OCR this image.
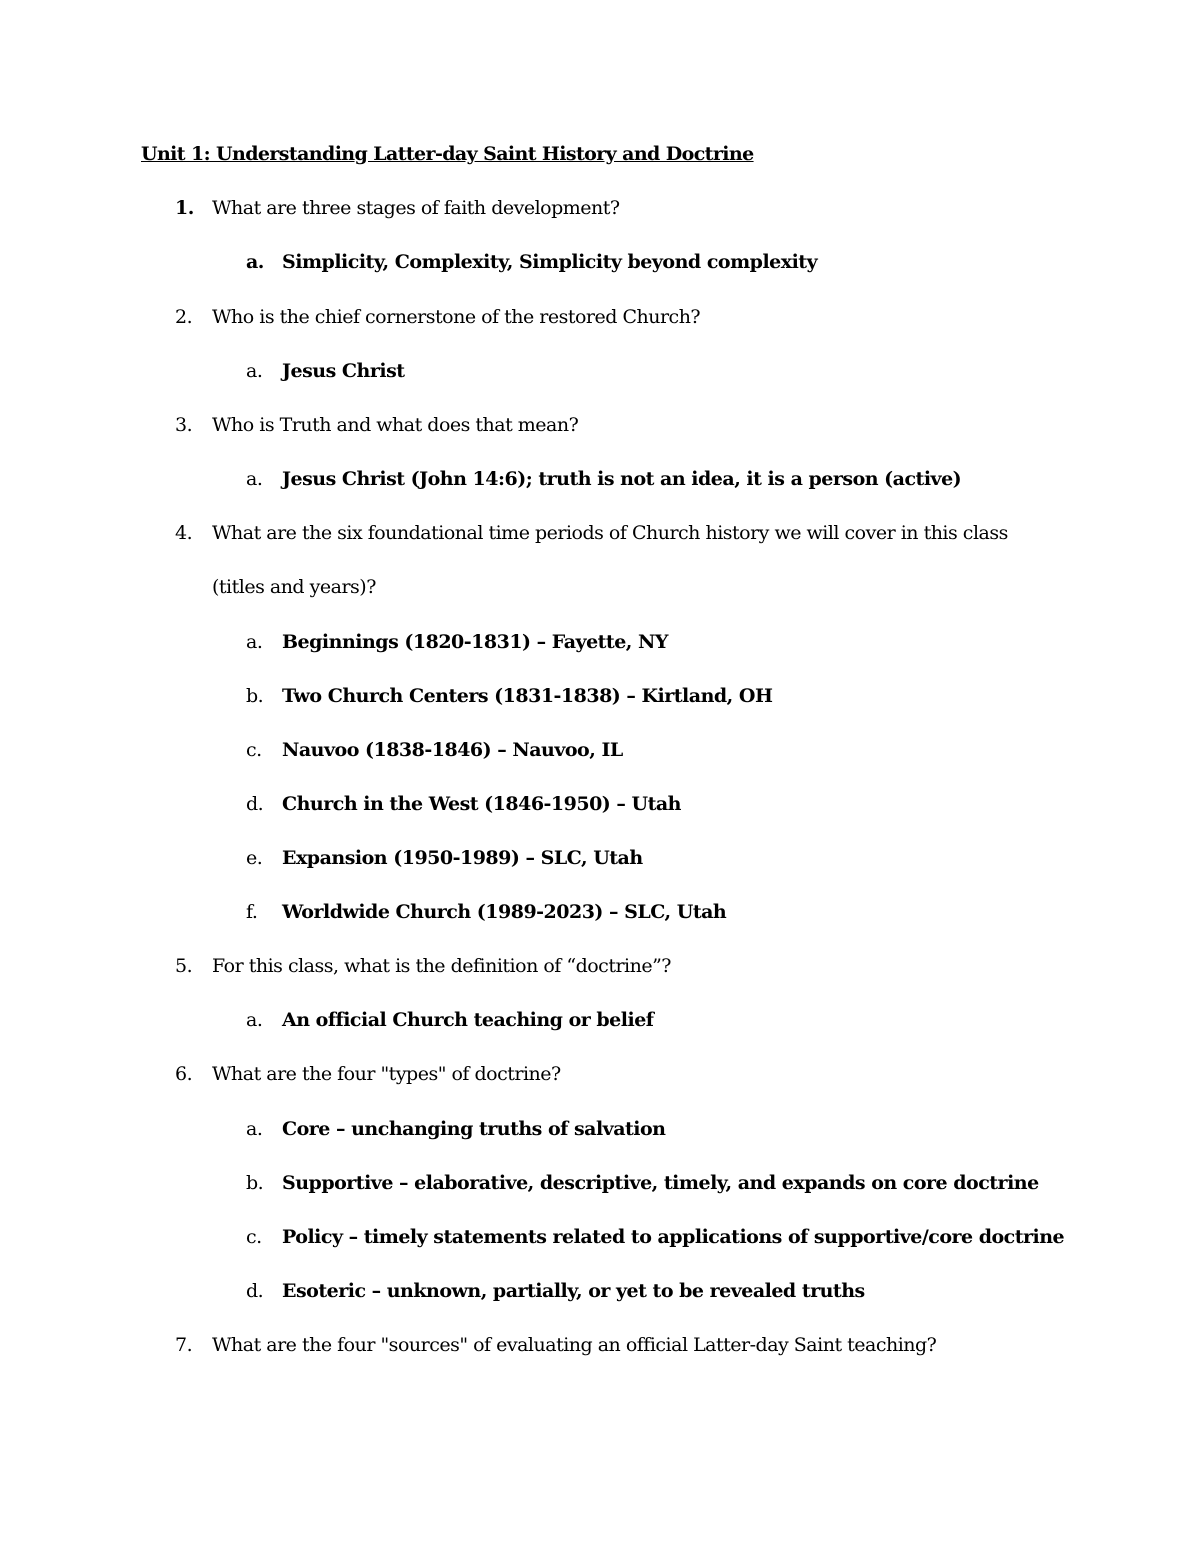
Unit 1: Understanding Latter-day Saint History and Doctrine
1. What are three stages of faith development?
a. Simplicity, Complexity, Simplicity beyond complexity
2. Who is the chief cornerstone of the restored Church?
a. Jesus Christ
3. Who is Truth and what does that mean?
a. Jesus Christ (John 14:6); truth is not an idea, it is a person (active)
4. What are the six foundational time periods of Church history we will cover in this class
(titles and years)?
a. Beginnings (1820-1831) – Fayette, NY
b. Two Church Centers (1831-1838) – Kirtland, OH
c. Nauvoo (1838-1846) – Nauvoo, IL
d. Church in the West (1846-1950) – Utah
e. Expansion (1950-1989) – SLC, Utah
f. Worldwide Church (1989-2023) – SLC, Utah
5. For this class, what is the definition of “doctrine”?
a. An official Church teaching or belief
6. What are the four "types" of doctrine?
a. Core – unchanging truths of salvation
b. Supportive – elaborative, descriptive, timely, and expands on core doctrine
c. Policy – timely statements related to applications of supportive/core doctrine
d. Esoteric – unknown, partially, or yet to be revealed truths
7. What are the four "sources" of evaluating an official Latter-day Saint teaching?
